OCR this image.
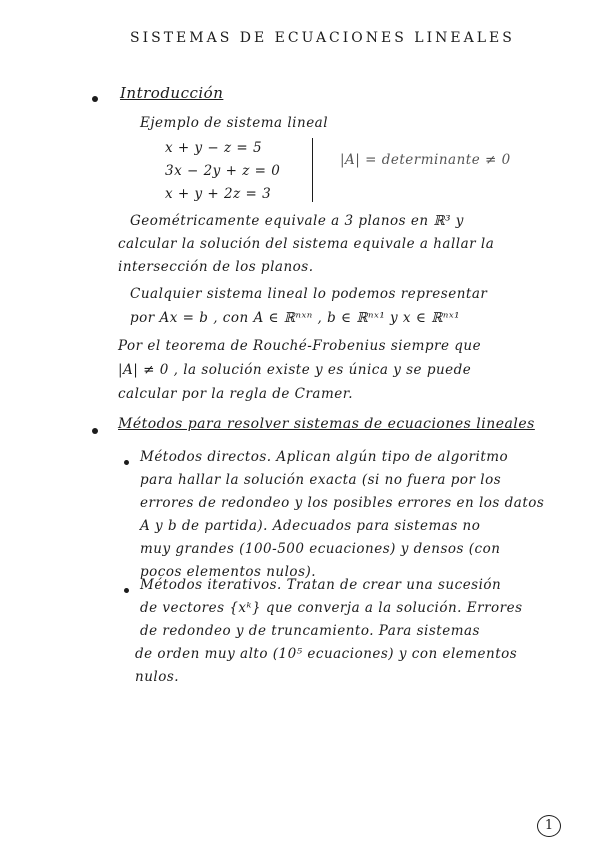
SISTEMAS DE ECUACIONES LINEALES
Introducción
Ejemplo de sistema lineal
x + y − z = 5
3x − 2y + z = 0
x + y + 2z = 3
|A| = determinante ≠ 0
Geométricamente equivale a 3 planos en ℝ³ y
calcular la solución del sistema equivale a hallar la
intersección de los planos.
Cualquier sistema lineal lo podemos representar
por Ax = b , con A ∈ ℝⁿˣⁿ , b ∈ ℝⁿˣ¹ y x ∈ ℝⁿˣ¹
Por el teorema de Rouché-Frobenius siempre que
|A| ≠ 0 , la solución existe y es única y se puede
calcular por la regla de Cramer.
Métodos para resolver sistemas de ecuaciones lineales
Métodos directos. Aplican algún tipo de algoritmo
para hallar la solución exacta (si no fuera por los
errores de redondeo y los posibles errores en los datos
A y b de partida). Adecuados para sistemas no
muy grandes (100-500 ecuaciones) y densos (con
pocos elementos nulos).
Métodos iterativos. Tratan de crear una sucesión
de vectores {xᵏ} que converja a la solución. Errores
de redondeo y de truncamiento. Para sistemas
de orden muy alto (10⁵ ecuaciones) y con elementos
nulos.
1
